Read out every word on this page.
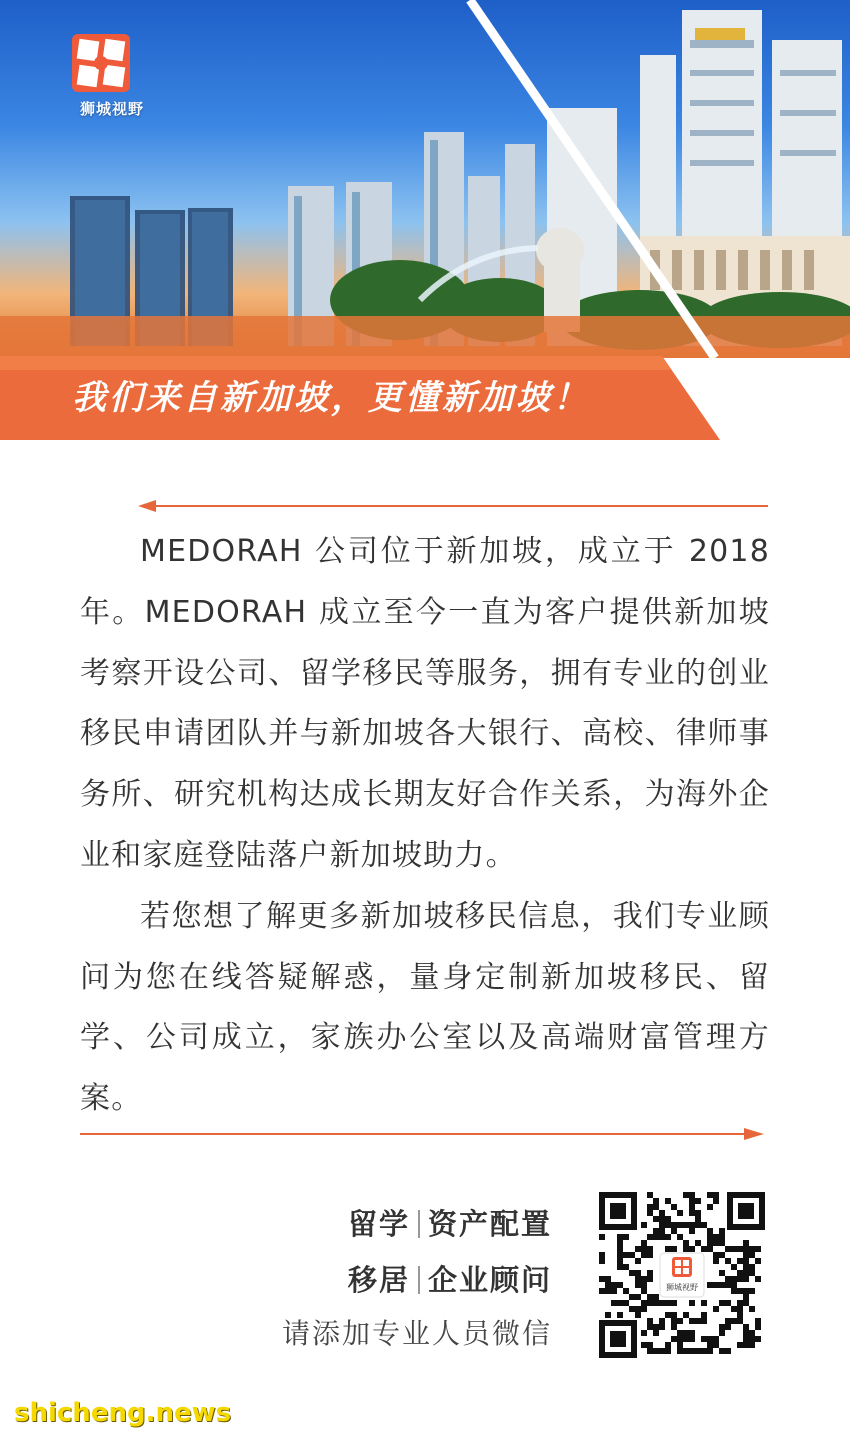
狮城视野
我们来自新加坡，更懂新加坡！

MEDORAH 公司位于新加坡，成立于 2018 年。MEDORAH 成立至今一直为客户提供新加坡考察开设公司、留学移民等服务，拥有专业的创业移民申请团队并与新加坡各大银行、高校、律师事务所、研究机构达成长期友好合作关系，为海外企业和家庭登陆落户新加坡助力。

若您想了解更多新加坡移民信息，我们专业顾问为您在线答疑解惑，量身定制新加坡移民、留学、公司成立，家族办公室以及高端财富管理方案。

留学 资产配置
移居 企业顾问
请添加专业人员微信
狮城视野
shicheng.news
